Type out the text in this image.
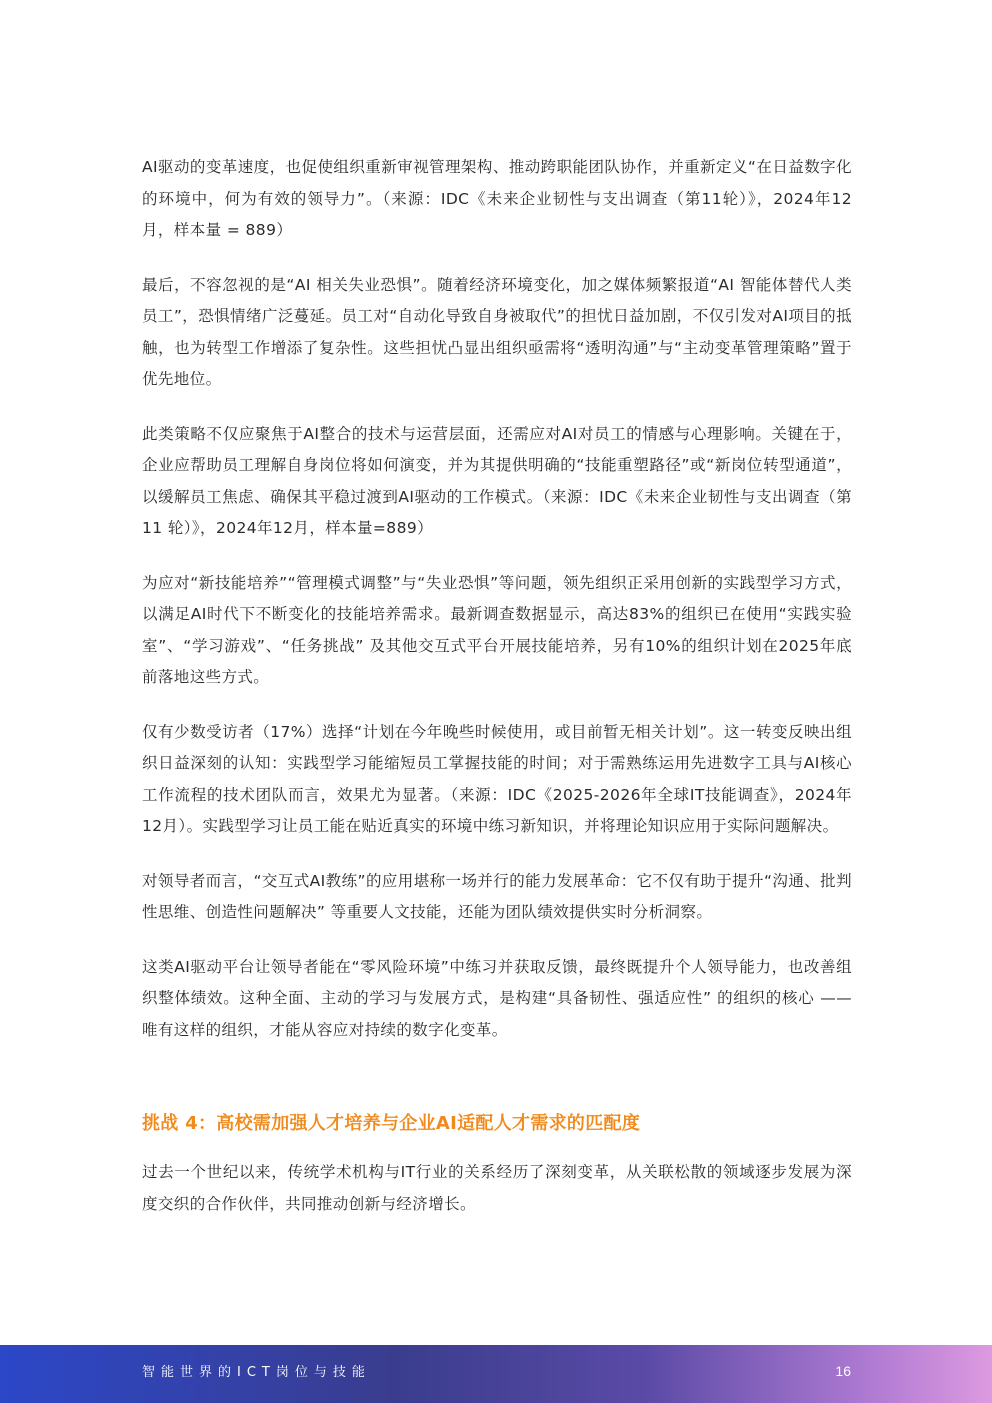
AI驱动的变革速度，也促使组织重新审视管理架构、推动跨职能团队协作，并重新定义“在日益数字化的环境中，何为有效的领导力”。（来源：IDC《未来企业韧性与支出调查（第11轮）》，2024年12月，样本量 = 889）

最后，不容忽视的是“AI 相关失业恐惧”。随着经济环境变化，加之媒体频繁报道“AI 智能体替代人类员工”，恐惧情绪广泛蔓延。员工对“自动化导致自身被取代”的担忧日益加剧，不仅引发对AI项目的抵触，也为转型工作增添了复杂性。这些担忧凸显出组织亟需将“透明沟通”与“主动变革管理策略”置于优先地位。

此类策略不仅应聚焦于AI整合的技术与运营层面，还需应对AI对员工的情感与心理影响。关键在于，企业应帮助员工理解自身岗位将如何演变，并为其提供明确的“技能重塑路径”或“新岗位转型通道”，以缓解员工焦虑、确保其平稳过渡到AI驱动的工作模式。（来源：IDC《未来企业韧性与支出调查（第 11 轮）》，2024年12月，样本量=889）

为应对“新技能培养”“管理模式调整”与“失业恐惧”等问题，领先组织正采用创新的实践型学习方式，以满足AI时代下不断变化的技能培养需求。最新调查数据显示，高达83%的组织已在使用“实践实验室”、“学习游戏”、“任务挑战” 及其他交互式平台开展技能培养，另有10%的组织计划在2025年底前落地这些方式。

仅有少数受访者（17%）选择“计划在今年晚些时候使用，或目前暂无相关计划”。这一转变反映出组织日益深刻的认知：实践型学习能缩短员工掌握技能的时间；对于需熟练运用先进数字工具与AI核心工作流程的技术团队而言，效果尤为显著。（来源：IDC《2025-2026年全球IT技能调查》，2024年12月）。实践型学习让员工能在贴近真实的环境中练习新知识，并将理论知识应用于实际问题解决。

对领导者而言，“交互式AI教练”的应用堪称一场并行的能力发展革命：它不仅有助于提升“沟通、批判性思维、创造性问题解决” 等重要人文技能，还能为团队绩效提供实时分析洞察。

这类AI驱动平台让领导者能在“零风险环境”中练习并获取反馈，最终既提升个人领导能力，也改善组织整体绩效。这种全面、主动的学习与发展方式，是构建“具备韧性、强适应性” 的组织的核心 —— 唯有这样的组织，才能从容应对持续的数字化变革。

挑战 4：高校需加强人才培养与企业AI适配人才需求的匹配度

过去一个世纪以来，传统学术机构与IT行业的关系经历了深刻变革，从关联松散的领域逐步发展为深度交织的合作伙伴，共同推动创新与经济增长。

智能世界的ICT岗位与技能	16
